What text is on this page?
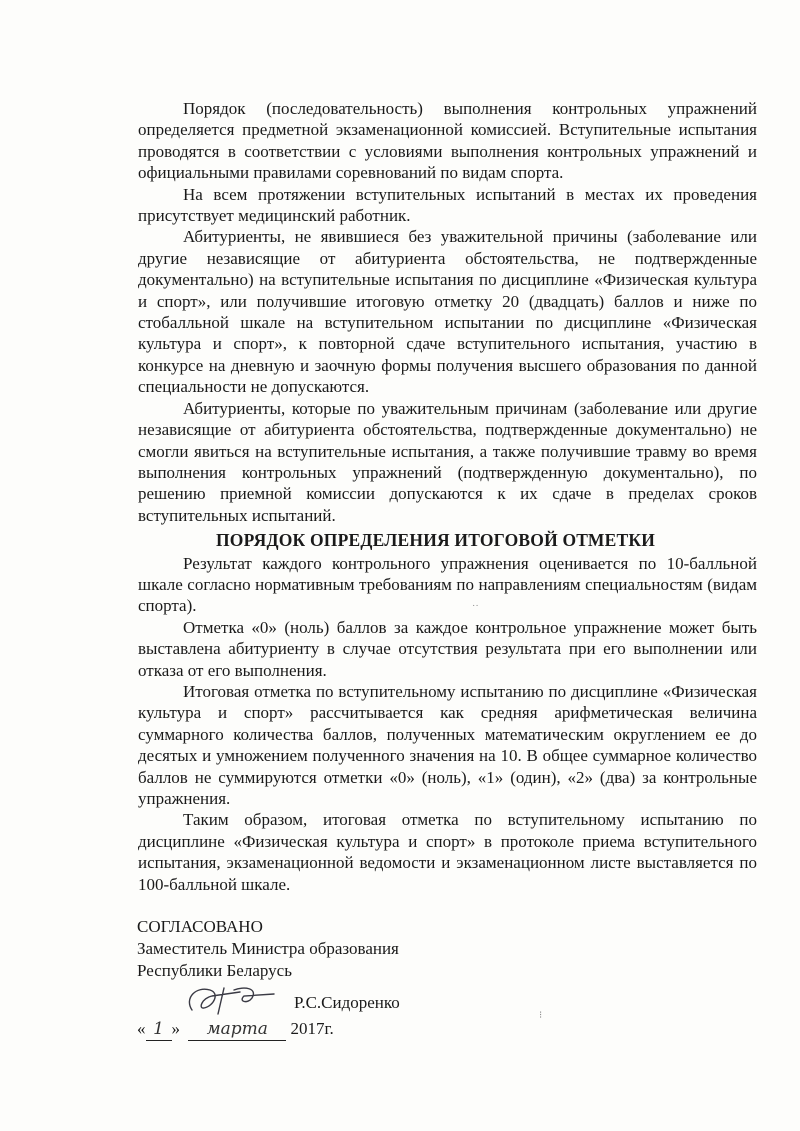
Порядок (последовательность) выполнения контрольных упражнений определяется предметной экзаменационной комиссией. Вступительные испытания проводятся в соответствии с условиями выполнения контрольных упражнений и официальными правилами соревнований по видам спорта.

На всем протяжении вступительных испытаний в местах их проведения присутствует медицинский работник.

Абитуриенты, не явившиеся без уважительной причины (заболевание или другие независящие от абитуриента обстоятельства, не подтвержденные документально) на вступительные испытания по дисциплине «Физическая культура и спорт», или получившие итоговую отметку 20 (двадцать) баллов и ниже по стобалльной шкале на вступительном испытании по дисциплине «Физическая культура и спорт», к повторной сдаче вступительного испытания, участию в конкурсе на дневную и заочную формы получения высшего образования по данной специальности не допускаются.

Абитуриенты, которые по уважительным причинам (заболевание или другие независящие от абитуриента обстоятельства, подтвержденные документально) не смогли явиться на вступительные испытания, а также получившие травму во время выполнения контрольных упражнений (подтвержденную документально), по решению приемной комиссии допускаются к их сдаче в пределах сроков вступительных испытаний.

ПОРЯДОК ОПРЕДЕЛЕНИЯ ИТОГОВОЙ ОТМЕТКИ

Результат каждого контрольного упражнения оценивается по 10-балльной шкале согласно нормативным требованиям по направлениям специальностям (видам спорта).

Отметка «0» (ноль) баллов за каждое контрольное упражнение может быть выставлена абитуриенту в случае отсутствия результата при его выполнении или отказа от его выполнения.

Итоговая отметка по вступительному испытанию по дисциплине «Физическая культура и спорт» рассчитывается как средняя арифметическая величина суммарного количества баллов, полученных математическим округлением ее до десятых и умножением полученного значения на 10. В общее суммарное количество баллов не суммируются отметки «0» (ноль), «1» (один), «2» (два) за контрольные упражнения.

Таким образом, итоговая отметка по вступительному испытанию по дисциплине «Физическая культура и спорт» в протоколе приема вступительного испытания, экзаменационной ведомости и экзаменационном листе выставляется по 100-балльной шкале.

СОГЛАСОВАНО
Заместитель Министра образования
Республики Беларусь
Р.С.Сидоренко
« 1 » марта 2017г.
˙˙
⁝
